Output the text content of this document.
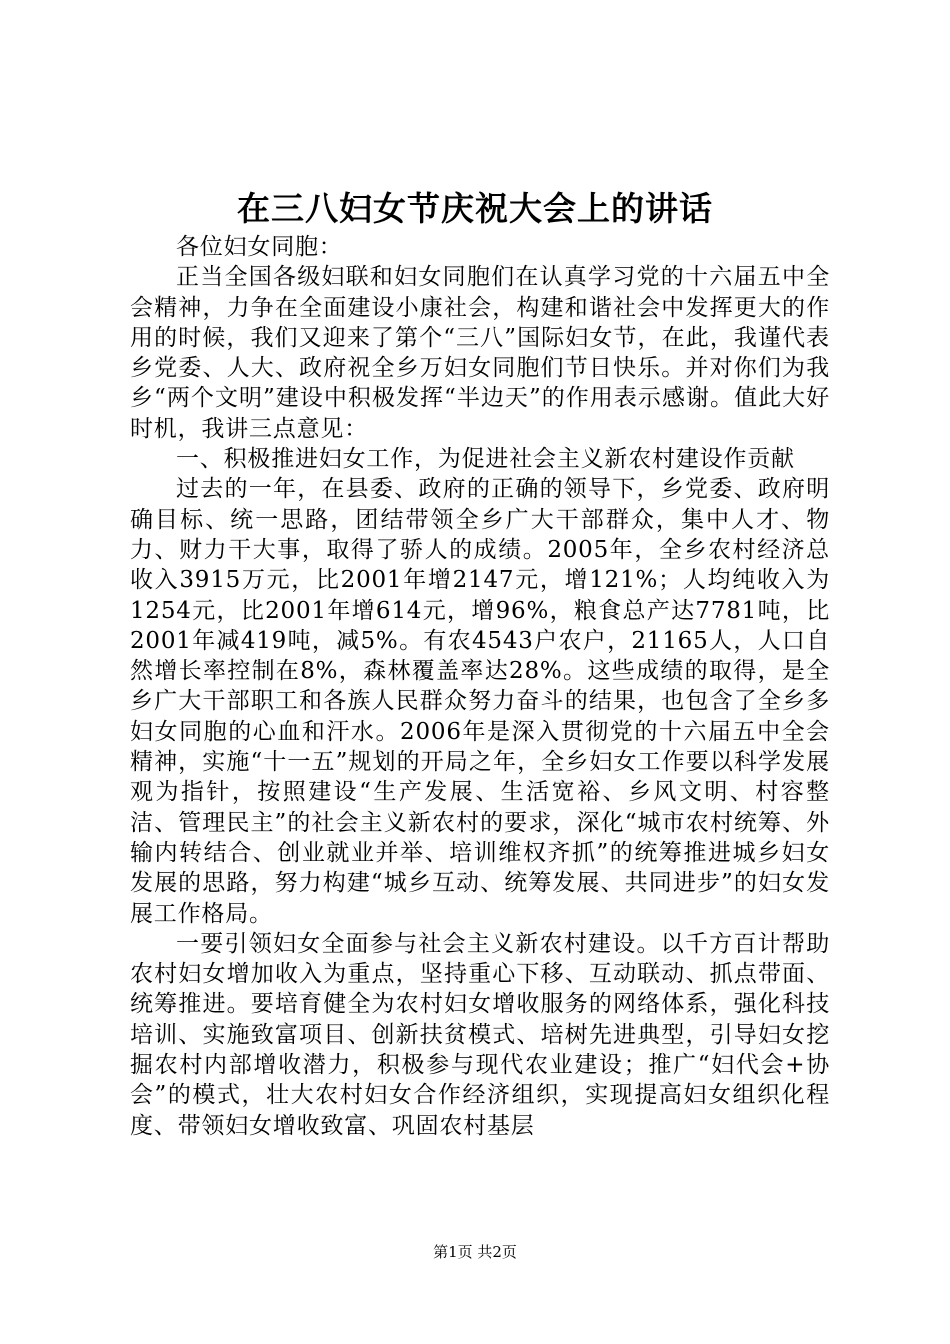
在三八妇女节庆祝大会上的讲话

各位妇女同胞：

正当全国各级妇联和妇女同胞们在认真学习党的十六届五中全会精神，力争在全面建设小康社会，构建和谐社会中发挥更大的作用的时候，我们又迎来了第个“三八”国际妇女节，在此，我谨代表乡党委、人大、政府祝全乡万妇女同胞们节日快乐。并对你们为我乡“两个文明”建设中积极发挥“半边天”的作用表示感谢。值此大好时机，我讲三点意见：

一、积极推进妇女工作，为促进社会主义新农村建设作贡献

过去的一年，在县委、政府的正确的领导下，乡党委、政府明确目标、统一思路，团结带领全乡广大干部群众，集中人才、物力、财力干大事，取得了骄人的成绩。2005年，全乡农村经济总收入3915万元，比2001年增2147元，增121%；人均纯收入为1254元，比2001年增614元，增96%，粮食总产达7781吨，比2001年减419吨，减5%。有农4543户农户，21165人，人口自然增长率控制在8%，森林覆盖率达28%。这些成绩的取得，是全乡广大干部职工和各族人民群众努力奋斗的结果，也包含了全乡多妇女同胞的心血和汗水。2006年是深入贯彻党的十六届五中全会精神，实施“十一五”规划的开局之年，全乡妇女工作要以科学发展观为指针，按照建设“生产发展、生活宽裕、乡风文明、村容整洁、管理民主”的社会主义新农村的要求，深化“城市农村统筹、外输内转结合、创业就业并举、培训维权齐抓”的统筹推进城乡妇女发展的思路，努力构建“城乡互动、统筹发展、共同进步”的妇女发展工作格局。

一要引领妇女全面参与社会主义新农村建设。以千方百计帮助农村妇女增加收入为重点，坚持重心下移、互动联动、抓点带面、统筹推进。要培育健全为农村妇女增收服务的网络体系，强化科技培训、实施致富项目、创新扶贫模式、培树先进典型，引导妇女挖掘农村内部增收潜力，积极参与现代农业建设；推广“妇代会+协会”的模式，壮大农村妇女合作经济组织，实现提高妇女组织化程度、带领妇女增收致富、巩固农村基层

第1页 共2页
